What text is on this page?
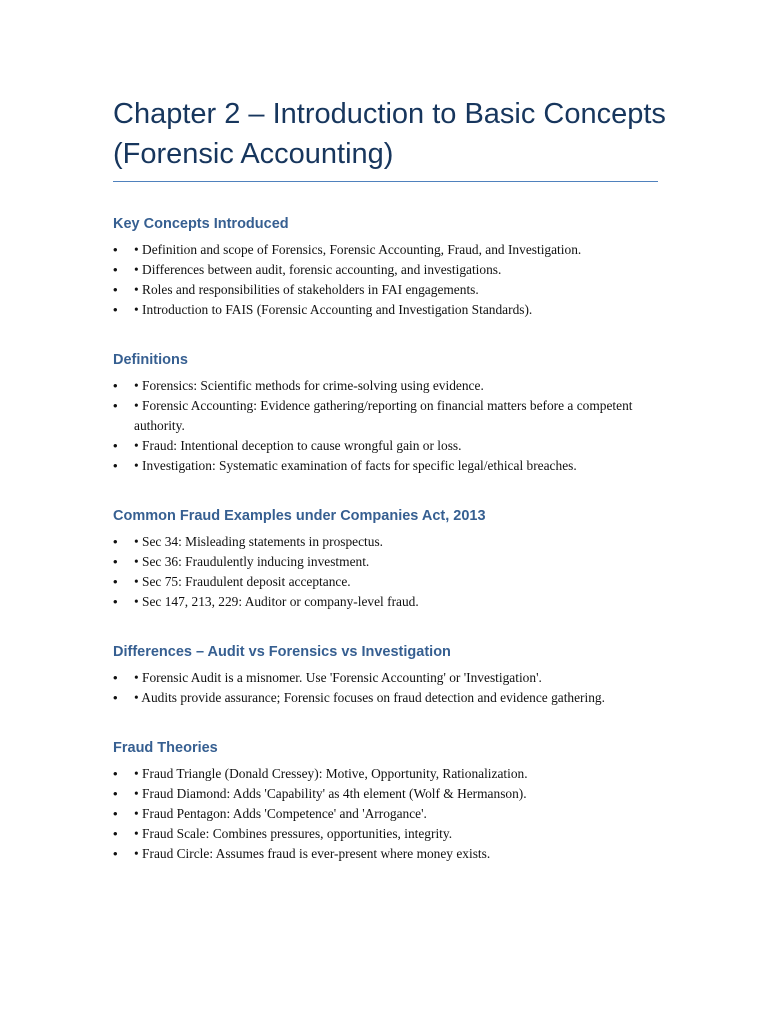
Chapter 2 – Introduction to Basic Concepts (Forensic Accounting)
Key Concepts Introduced
• • Definition and scope of Forensics, Forensic Accounting, Fraud, and Investigation.
• • Differences between audit, forensic accounting, and investigations.
• • Roles and responsibilities of stakeholders in FAI engagements.
• • Introduction to FAIS (Forensic Accounting and Investigation Standards).
Definitions
• • Forensics: Scientific methods for crime-solving using evidence.
• • Forensic Accounting: Evidence gathering/reporting on financial matters before a competent authority.
• • Fraud: Intentional deception to cause wrongful gain or loss.
• • Investigation: Systematic examination of facts for specific legal/ethical breaches.
Common Fraud Examples under Companies Act, 2013
• • Sec 34: Misleading statements in prospectus.
• • Sec 36: Fraudulently inducing investment.
• • Sec 75: Fraudulent deposit acceptance.
• • Sec 147, 213, 229: Auditor or company-level fraud.
Differences – Audit vs Forensics vs Investigation
• • Forensic Audit is a misnomer. Use 'Forensic Accounting' or 'Investigation'.
• • Audits provide assurance; Forensic focuses on fraud detection and evidence gathering.
Fraud Theories
• • Fraud Triangle (Donald Cressey): Motive, Opportunity, Rationalization.
• • Fraud Diamond: Adds 'Capability' as 4th element (Wolf & Hermanson).
• • Fraud Pentagon: Adds 'Competence' and 'Arrogance'.
• • Fraud Scale: Combines pressures, opportunities, integrity.
• • Fraud Circle: Assumes fraud is ever-present where money exists.
